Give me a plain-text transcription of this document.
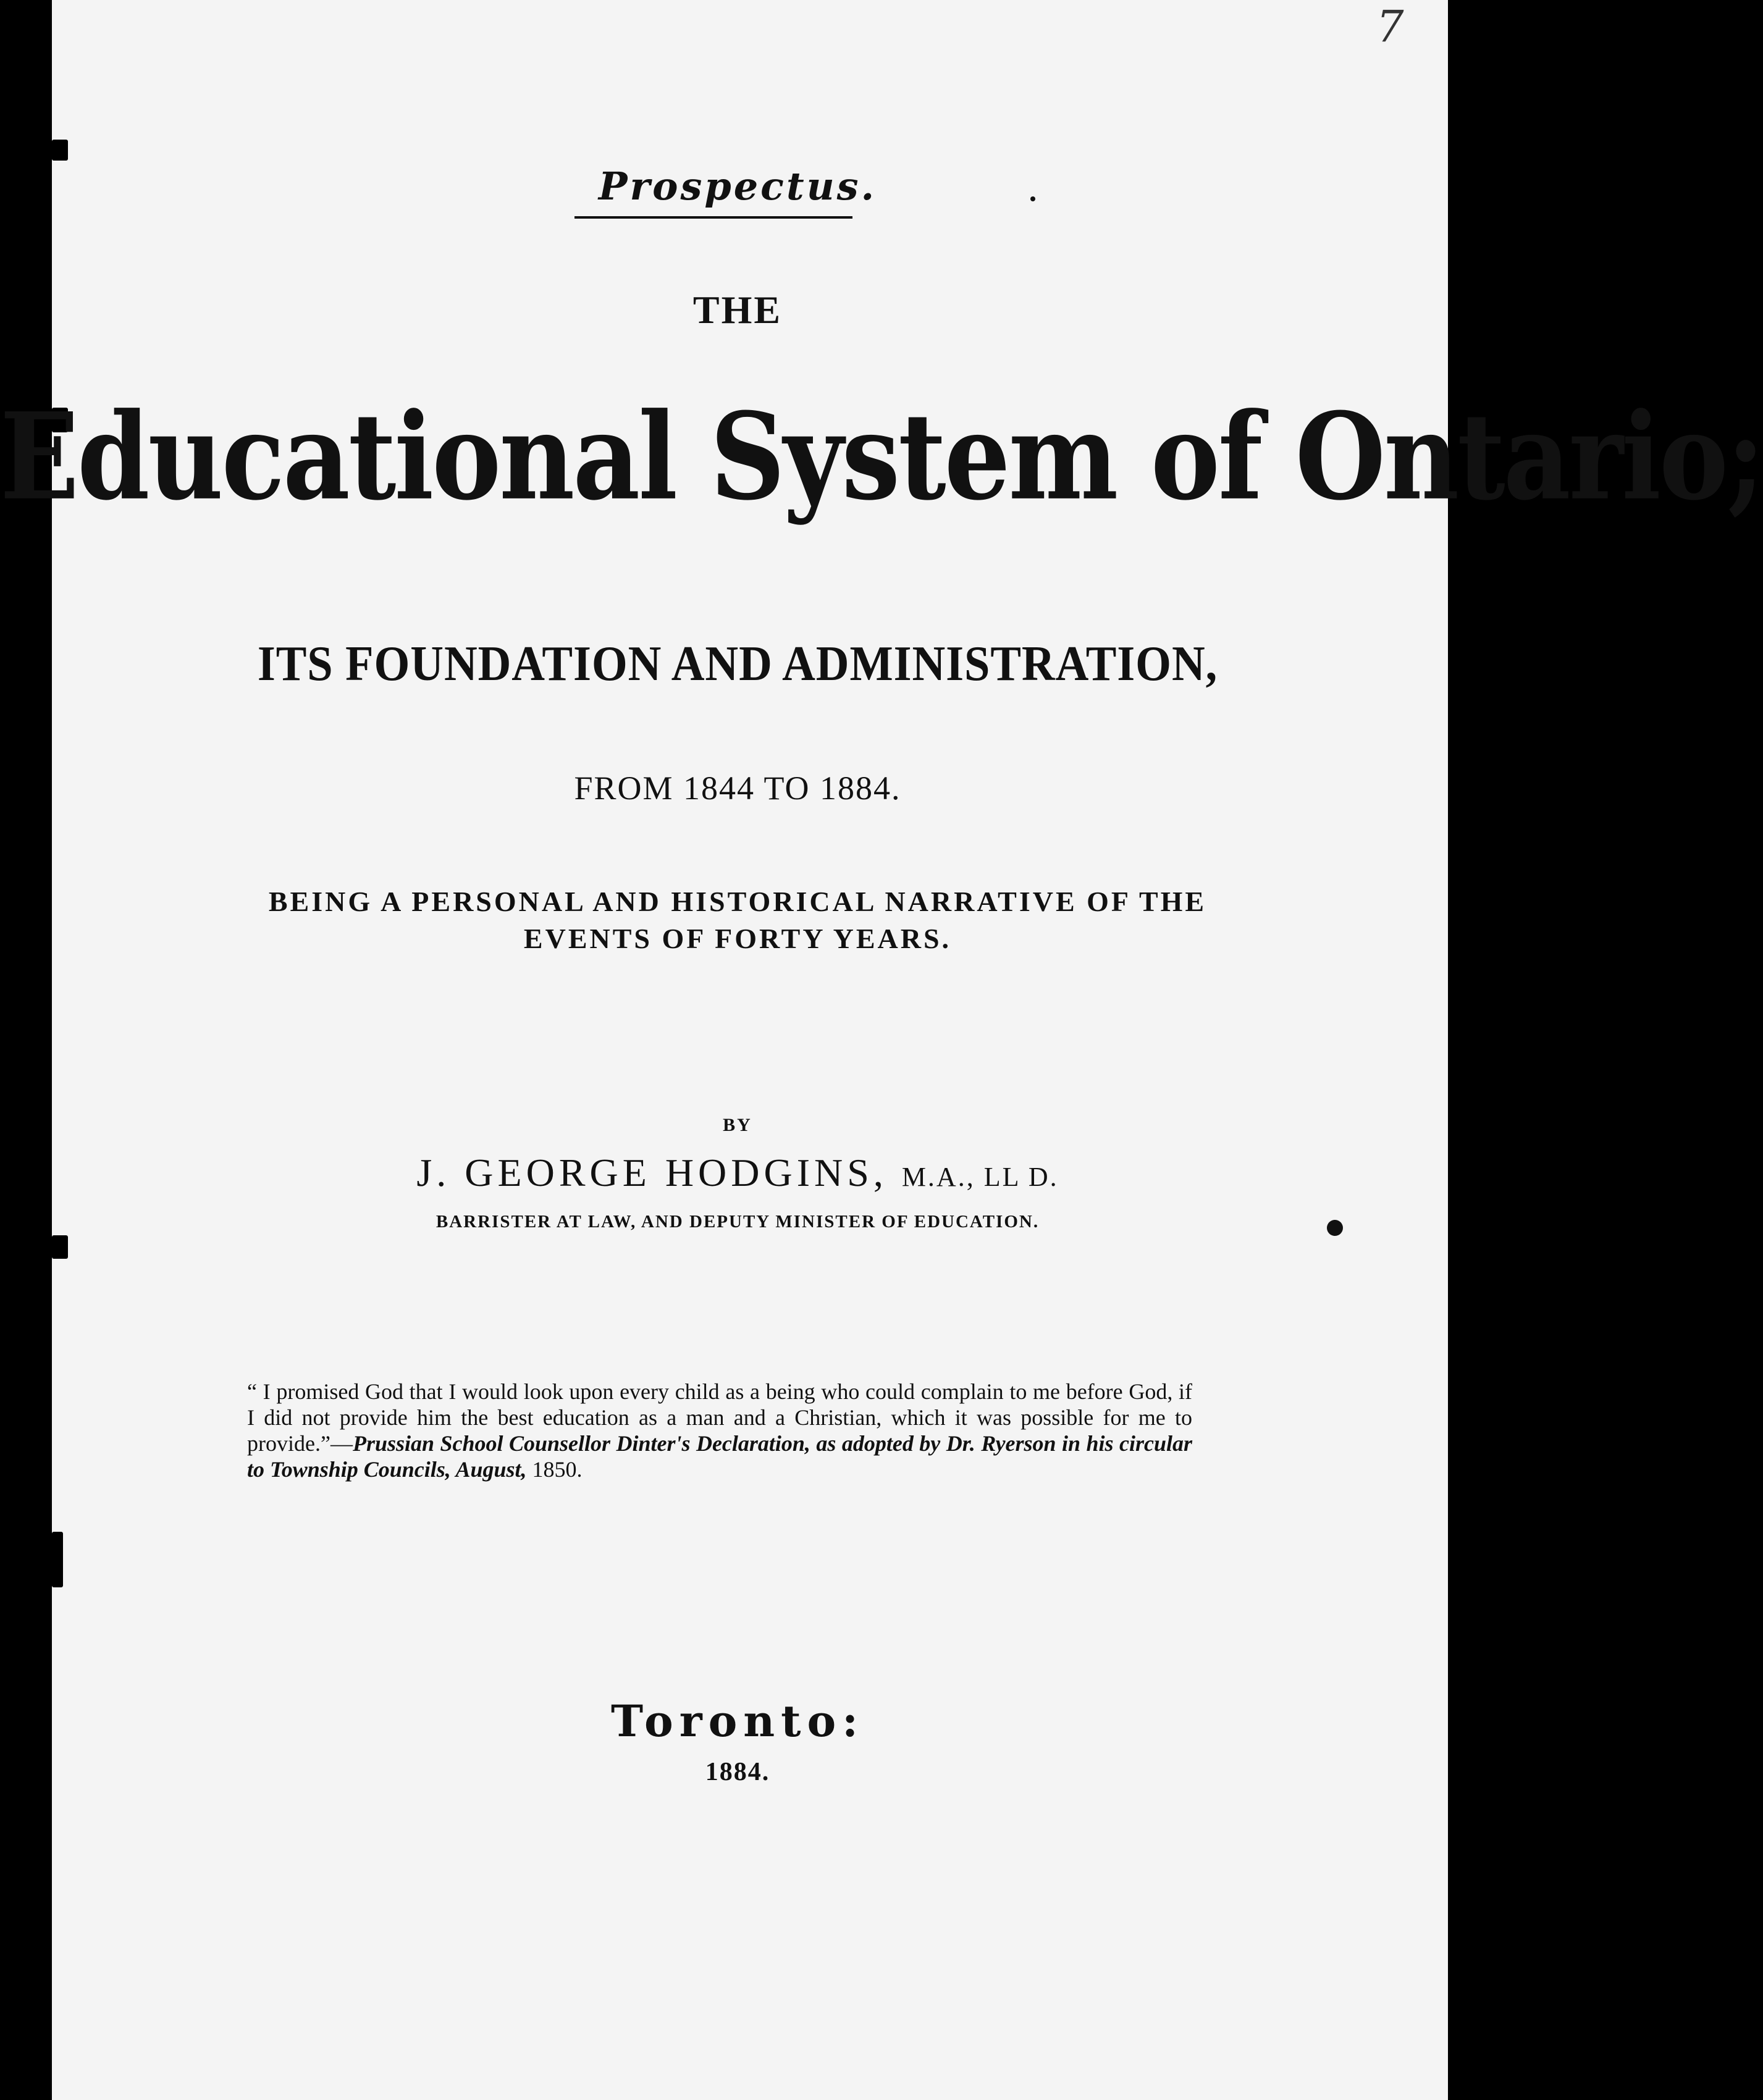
7
Prospectus.
THE
Educational System of Ontario;
ITS FOUNDATION AND ADMINISTRATION,
FROM 1844 TO 1884.
BEING A PERSONAL AND HISTORICAL NARRATIVE OF THE
EVENTS OF FORTY YEARS.
BY
J. GEORGE HODGINS, M.A., LL D.
BARRISTER AT LAW, AND DEPUTY MINISTER OF EDUCATION.
“ I promised God that I would look upon every child as a being who could complain to me before God, if I did not provide him the best education as a man and a Christian, which it was possible for me to provide.”—Prussian School Counsellor Dinter's Declaration, as adopted by Dr. Ryerson in his circular to Township Councils, August, 1850.
Toronto:
1884.
